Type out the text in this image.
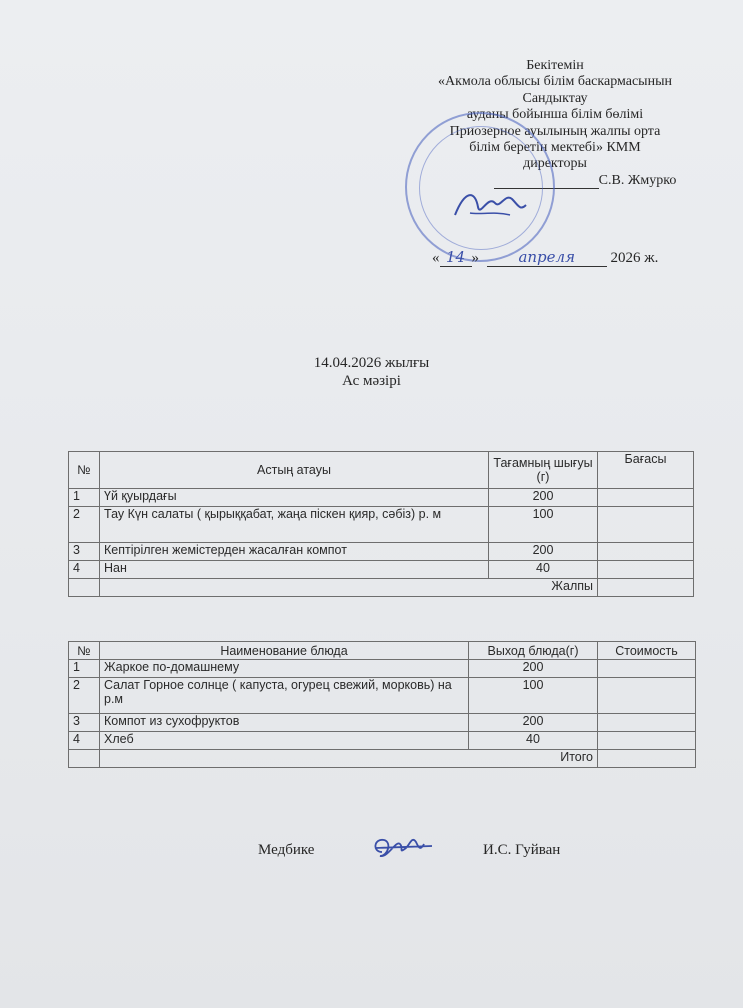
Бекітемін
«Акмола облысы білім баскармасынын
Сандыктау
ауданы бойынша білім бөлімі
Приозерное ауылының жалпы орта
білім беретін мектебі» КММ
директоры
С.В. Жмурко
« 14 »	апреля 2026 ж.
14.04.2026 жылғы
Ас мәзірі
№	Астың атауы	Тағамның шығуы (г)	Бағасы
1	Үй қуырдағы	200	
2	Тау Күн салаты ( қырыққабат, жаңа піскен қияр, сәбіз) р. м	100	
3	Кептірілген жемістерден жасалған компот	200	
4	Нан	40	
	Жалпы		
№	Наименование блюда	Выход блюда(г)	Стоимость
1	Жаркое по-домашнему	200	
2	Салат Горное солнце ( капуста, огурец свежий, морковь) на р.м	100	
3	Компот из сухофруктов	200	
4	Хлеб	40	
	Итого		
Медбике	И.С. Гуйван
